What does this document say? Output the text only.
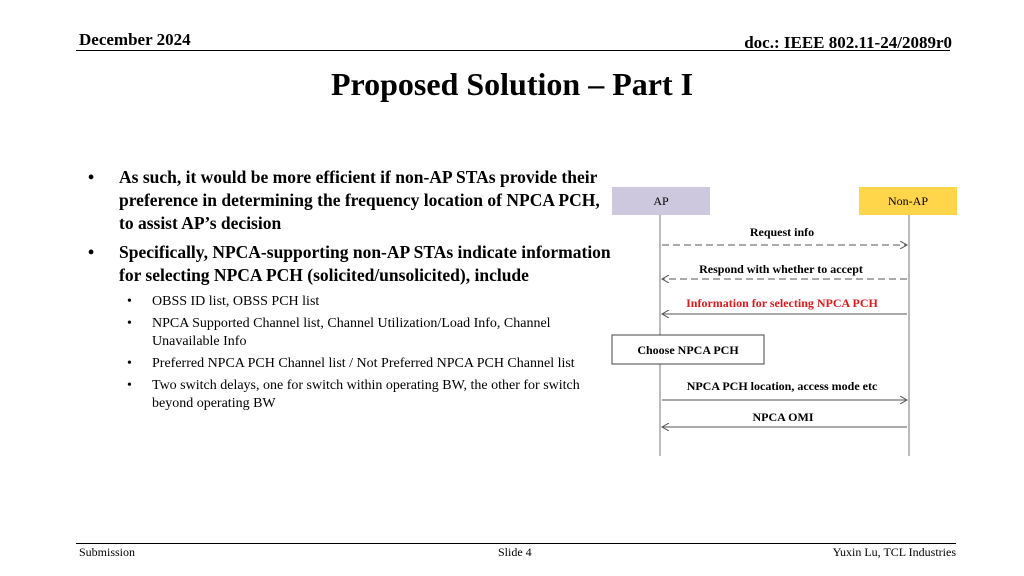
December 2024	doc.: IEEE 802.11-24/2089r0
Proposed Solution – Part I
• As such, it would be more efficient if non-AP STAs provide their preference in determining the frequency location of NPCA PCH, to assist AP’s decision
• Specifically, NPCA-supporting non-AP STAs indicate information for selecting NPCA PCH (solicited/unsolicited), include
• OBSS ID list, OBSS PCH list
• NPCA Supported Channel list, Channel Utilization/Load Info, Channel Unavailable Info
• Preferred NPCA PCH Channel list / Not Preferred NPCA PCH Channel list
• Two switch delays, one for switch within operating BW, the other for switch beyond operating BW
AP	Non-AP
Request info
Respond with whether to accept
Information for selecting NPCA PCH
Choose NPCA PCH
NPCA PCH location, access mode etc
NPCA OMI
Submission	Slide 4	Yuxin Lu, TCL Industries
